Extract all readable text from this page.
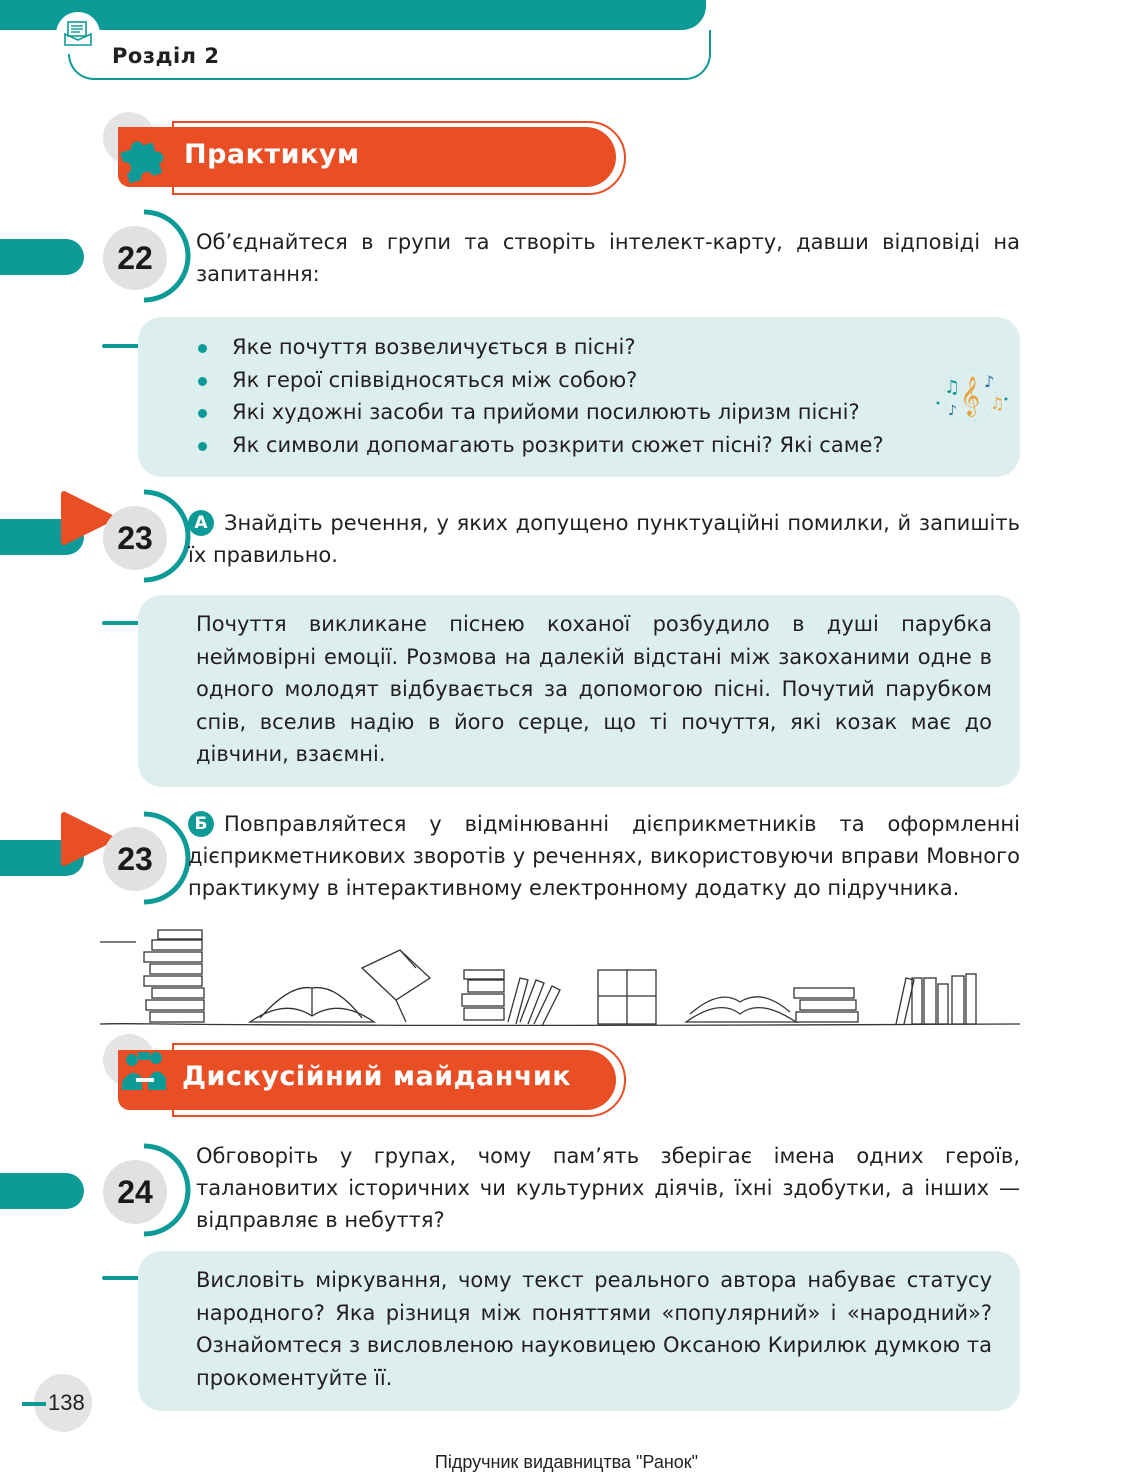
Розділ 2
Практикум
22	Об’єднайтеся в групи та створіть інтелект-карту, давши відповіді на запитання:
Яке почуття возвеличується в пісні?
Як герої співвідносяться між собою?
Які художні засоби та прийоми посилюють ліризм пісні?
Як символи допомагають розкрити сюжет пісні? Які саме?
𝄞
♫ ♪
♫
♪
23	А Знайдіть речення, у яких допущено пунктуаційні помилки, й запишіть їх правильно.
Почуття викликане піснею коханої розбудило в душі парубка неймовірні емоції. Розмова на далекій відстані між закоханими одне в одного молодят відбувається за допомогою пісні. Почутий парубком спів, вселив надію в його серце, що ті почуття, які козак має до дівчини, взаємні.
23
Б Повправляйтеся у відмінюванні дієприкметників та оформленні дієприкметникових зворотів у реченнях, використовуючи вправи Мовного практикуму в інтерактивному електронному додатку до підручника.
Дискусійний майданчик
24
Обговоріть у групах, чому пам’ять зберігає імена одних героїв, талановитих історичних чи культурних діячів, їхні здобутки, а інших — відправляє в небуття?
Висловіть міркування, чому текст реального автора набуває статусу народного? Яка різниця між поняттями «популярний» і «народний»? Ознайомтеся з висловленою науковицею Оксаною Кирилюк думкою та прокоментуйте її.
138
Підручник видавництва "Ранок"
